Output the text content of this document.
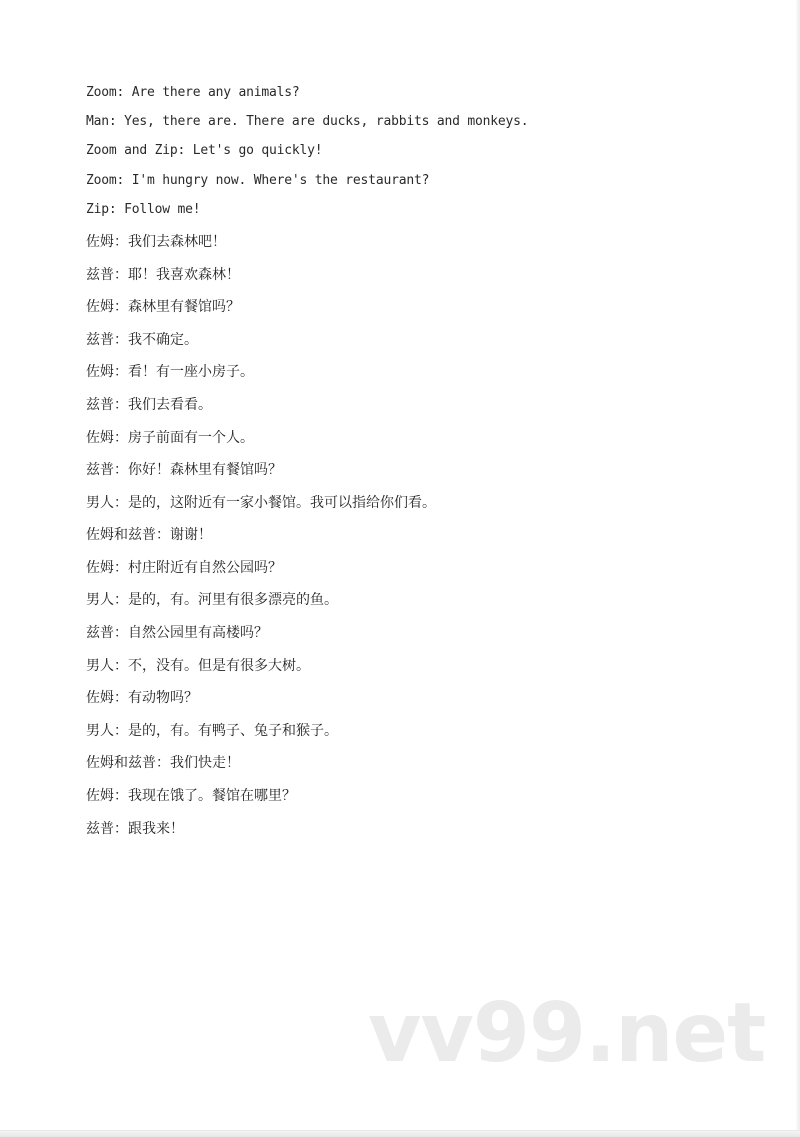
Zoom: Are there any animals?
Man: Yes, there are. There are ducks, rabbits and monkeys.
Zoom and Zip: Let's go quickly!
Zoom: I'm hungry now. Where's the restaurant?
Zip: Follow me!
佐姆：我们去森林吧！
兹普：耶！我喜欢森林！
佐姆：森林里有餐馆吗？
兹普：我不确定。
佐姆：看！有一座小房子。
兹普：我们去看看。
佐姆：房子前面有一个人。
兹普：你好！森林里有餐馆吗？
男人：是的，这附近有一家小餐馆。我可以指给你们看。
佐姆和兹普：谢谢！
佐姆：村庄附近有自然公园吗？
男人：是的，有。河里有很多漂亮的鱼。
兹普：自然公园里有高楼吗？
男人：不，没有。但是有很多大树。
佐姆：有动物吗？
男人：是的，有。有鸭子、兔子和猴子。
佐姆和兹普：我们快走！
佐姆：我现在饿了。餐馆在哪里？
兹普：跟我来！
vv99.net
